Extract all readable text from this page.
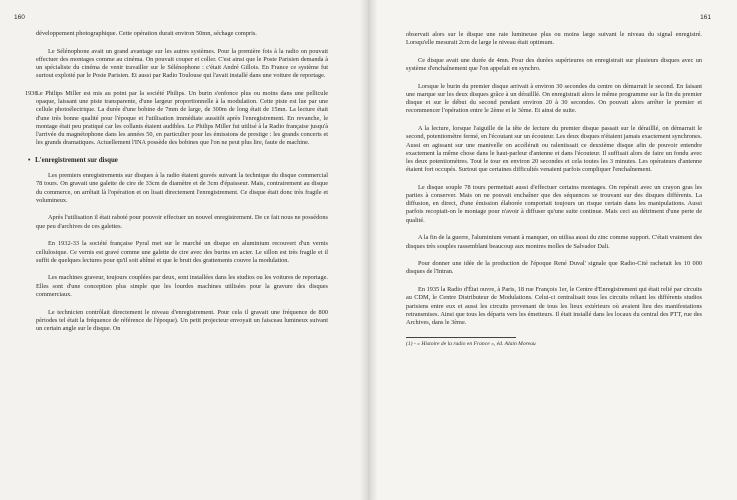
160

développement photographique. Cette opération durait environ 50mn, séchage compris.

Le Sélénophone avait un grand avantage sur les autres systèmes. Pour la première fois à la radio on pouvait effectuer des montages comme au cinéma. On pouvait couper et coller. C'est ainsi que le Poste Parisien demanda à un spécialiste du cinéma de venir travailler sur le Sélénophone : c'était André Gillois. En France ce système fut surtout exploité par le Poste Parisien. Et aussi par Radio Toulouse qui l'avait installé dans une voiture de reportage.

1936
Le Philips Miller est mis au point par la société Philips. Un burin s'enfonce plus ou moins dans une pellicule opaque, laissant une piste transparente, d'une largeur proportionnelle à la modulation. Cette piste est lue par une cellule photoélectrique. La durée d'une bobine de 7mm de large, de 300m de long était de 15mn. La lecture était d'une très bonne qualité pour l'époque et l'utilisation immédiate aussitôt après l'enregistrement. En revanche, le montage était peu pratiqué car les collants étaient audibles. Le Philips Miller fut utilisé à la Radio française jusqu'à l'arrivée du magnétophone dans les années 50, en particulier pour les émissions de prestige : les grands concerts et les grands dramatiques. Actuellement l'INA possède des bobines que l'on ne peut plus lire, faute de machine.

• L'enregistrement sur disque

Les premiers enregistrements sur disques à la radio étaient gravés suivant la technique du disque commercial 78 tours. On gravait une galette de cire de 33cm de diamètre et de 3cm d'épaisseur. Mais, contrairement au disque du commerce, on arrêtait là l'opération et on lisait directement l'enregistrement. Ce disque était donc très fragile et volumineux.

Après l'utilisation il était raboté pour pouvoir effectuer un nouvel enregistrement. De ce fait nous ne possédons que peu d'archives de ces galettes.

En 1932-33 la société française Pyral met sur le marché un disque en aluminium recouvert d'un vernis cellulosique. Ce vernis est gravé comme une galette de cire avec des burins en acier. Le sillon est très fragile et il suffit de quelques lectures pour qu'il soit abîmé et que le bruit des grattements couvre la modulation.

Les machines graveur, toujours couplées par deux, sont installées dans les studios ou les voitures de reportage. Elles sont d'une conception plus simple que les lourdes machines utilisées pour la gravure des disques commerciaux.

Le technicien contrôlait directement le niveau d'enregistrement. Pour cela il gravait une fréquence de 800 périodes tel était la fréquence de référence de l'époque). Un petit projecteur envoyait un faisceau lumineux suivant un certain angle sur le disque. On

161

observait alors sur le disque une raie lumineuse plus ou moins large suivant le niveau du signal enregistré. Lorsqu'elle mesurait 2cm de large le niveau était optimum.

Ce disque avait une durée de 4mn. Pour des durées supérieures on enregistrait sur plusieurs disques avec un système d'enchaînement que l'on appelait en synchro.

Lorsque le burin du premier disque arrivait à environ 30 secondes du centre on démarrait le second. En faisant une marque sur les deux disques grâce à un dérailllé. On enregistrait alors le même programme sur la fin du premier disque et sur le début du second pendant environ 20 à 30 secondes. On pouvait alors arrêter le premier et recommencer l'opération entre le 2ème et le 3ème. Et ainsi de suite.

A la lecture, lorsque l'aiguille de la tête de lecture du premier disque passait sur le dérailllé, on démarrait le second, potentiomètre fermé, en l'écoutant sur un écouteur. Les deux disques n'étaient jamais exactement synchrones. Aussi en agissant sur une manivelle on accélérait ou ralentissait ce deuxième disque afin de pouvoir entendre exactement la même chose dans le haut-parleur d'antenne et dans l'écouteur. Il suffisait alors de faire un fondu avec les deux potentiomètres. Tout le tour en environ 20 secondes et cela toutes les 3 minutes. Les opérateurs d'antenne étaient fort occupés. Surtout que certaines difficultés venaient parfois compliquer l'enchaînement.

Le disque souple 78 tours permettait aussi d'effectuer certains montages. On repérait avec un crayon gras les parties à conserver. Mais on ne pouvait enchaîner que des séquences se trouvant sur des disques différents. La diffusion, en direct, d'une émission élaborée comportait toujours un risque certain dans les manipulations. Aussi parfois recopiait-on le montage pour n'avoir à diffuser qu'une suite continue. Mais ceci au détriment d'une perte de qualité.

A la fin de la guerre, l'aluminium venant à manquer, on utilisa aussi du zinc comme support. C'était vraiment des disques très souples rassemblant beaucoup aux montres molles de Salvador Dali.

Pour donner une idée de la production de l'époque René Duval' signale que Radio-Cité rachetait les 10 000 disques de l'Intran.

En 1935 la Radio d'État ouvre, à Paris, 18 rue François 1er, le Centre d'Enregistrement qui était relié par circuits au CDM, le Centre Distributeur de Modulations. Celui-ci centralisait tous les circuits reliant les différents studios parisiens entre eux et aussi les circuits provenant de tous les lieux extérieurs où avaient lieu des manifestations retransmises. Ainsi que tous les départs vers les émetteurs. Il était installé dans les locaux du central des PTT, rue des Archives, dans le 3ème.

(1) - « Histoire de la radio en France », éd. Alain Moreau
